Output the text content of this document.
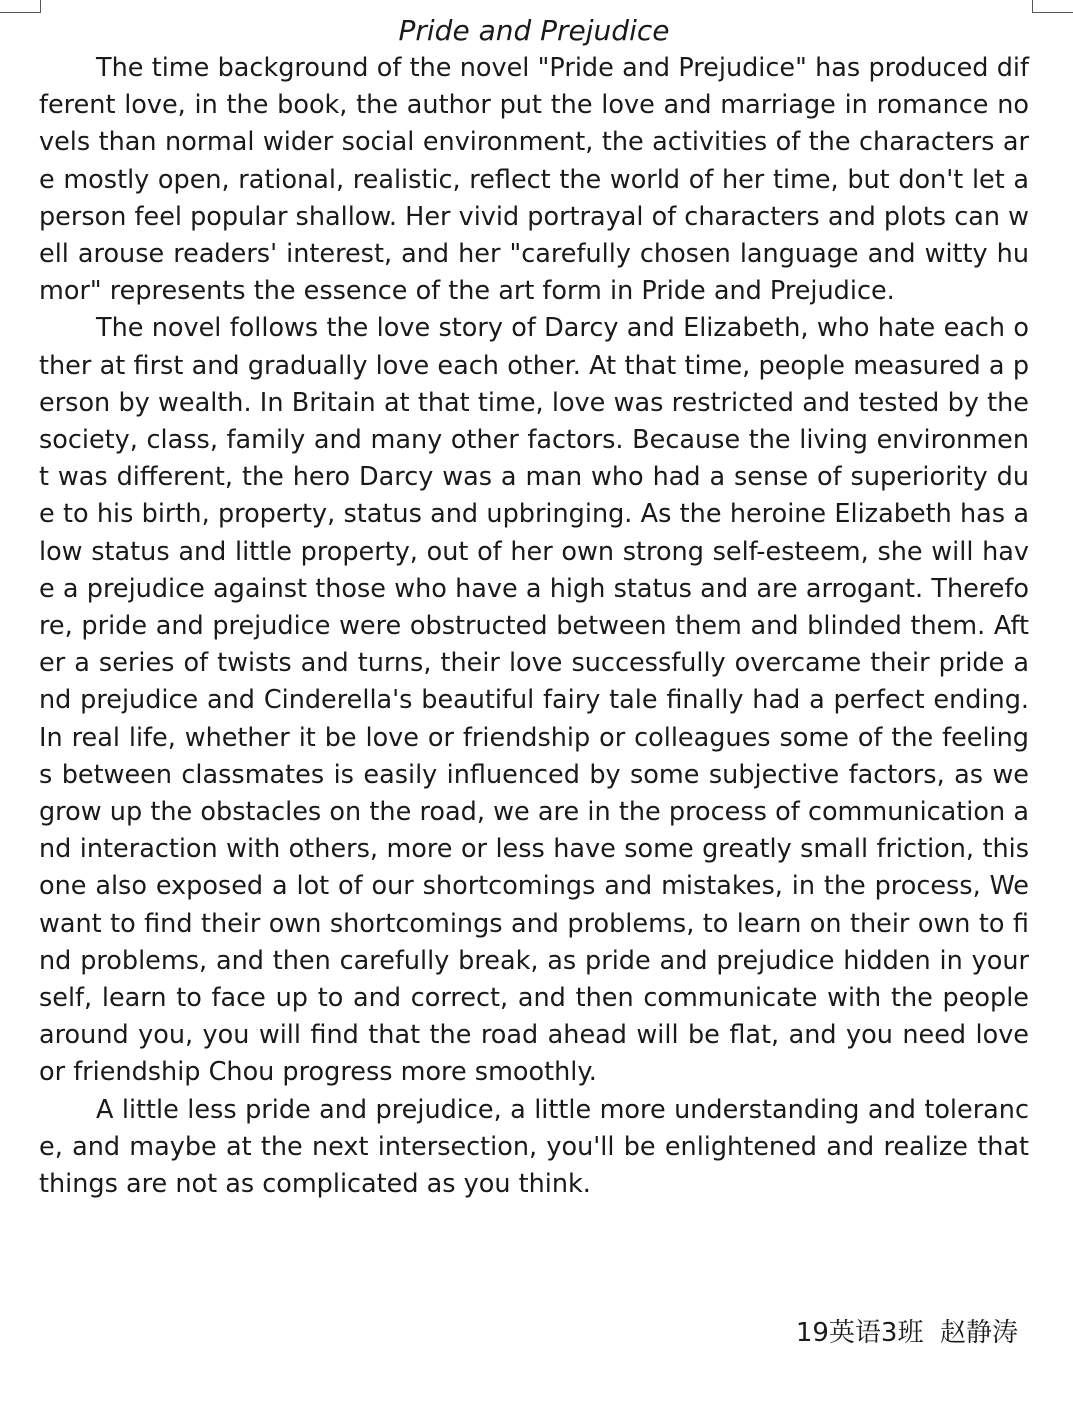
Pride and Prejudice

The time background of the novel "Pride and Prejudice" has produced different love, in the book, the author put the love and marriage in romance novels than normal wider social environment, the activities of the characters are mostly open, rational, realistic, reflect the world of her time, but don't let a person feel popular shallow. Her vivid portrayal of characters and plots can well arouse readers' interest, and her "carefully chosen language and witty humor" represents the essence of the art form in Pride and Prejudice.

The novel follows the love story of Darcy and Elizabeth, who hate each other at first and gradually love each other. At that time, people measured a person by wealth. In Britain at that time, love was restricted and tested by the society, class, family and many other factors. Because the living environment was different, the hero Darcy was a man who had a sense of superiority due to his birth, property, status and upbringing. As the heroine Elizabeth has a low status and little property, out of her own strong self-esteem, she will have a prejudice against those who have a high status and are arrogant. Therefore, pride and prejudice were obstructed between them and blinded them. After a series of twists and turns, their love successfully overcame their pride and prejudice and Cinderella's beautiful fairy tale finally had a perfect ending. In real life, whether it be love or friendship or colleagues some of the feelings between classmates is easily influenced by some subjective factors, as we grow up the obstacles on the road, we are in the process of communication and interaction with others, more or less have some greatly small friction, this one also exposed a lot of our shortcomings and mistakes, in the process, We want to find their own shortcomings and problems, to learn on their own to find problems, and then carefully break, as pride and prejudice hidden in yourself, learn to face up to and correct, and then communicate with the people around you, you will find that the road ahead will be flat, and you need love or friendship Chou progress more smoothly.

A little less pride and prejudice, a little more understanding and tolerance, and maybe at the next intersection, you'll be enlightened and realize that things are not as complicated as you think.

19英语3班  赵静涛
